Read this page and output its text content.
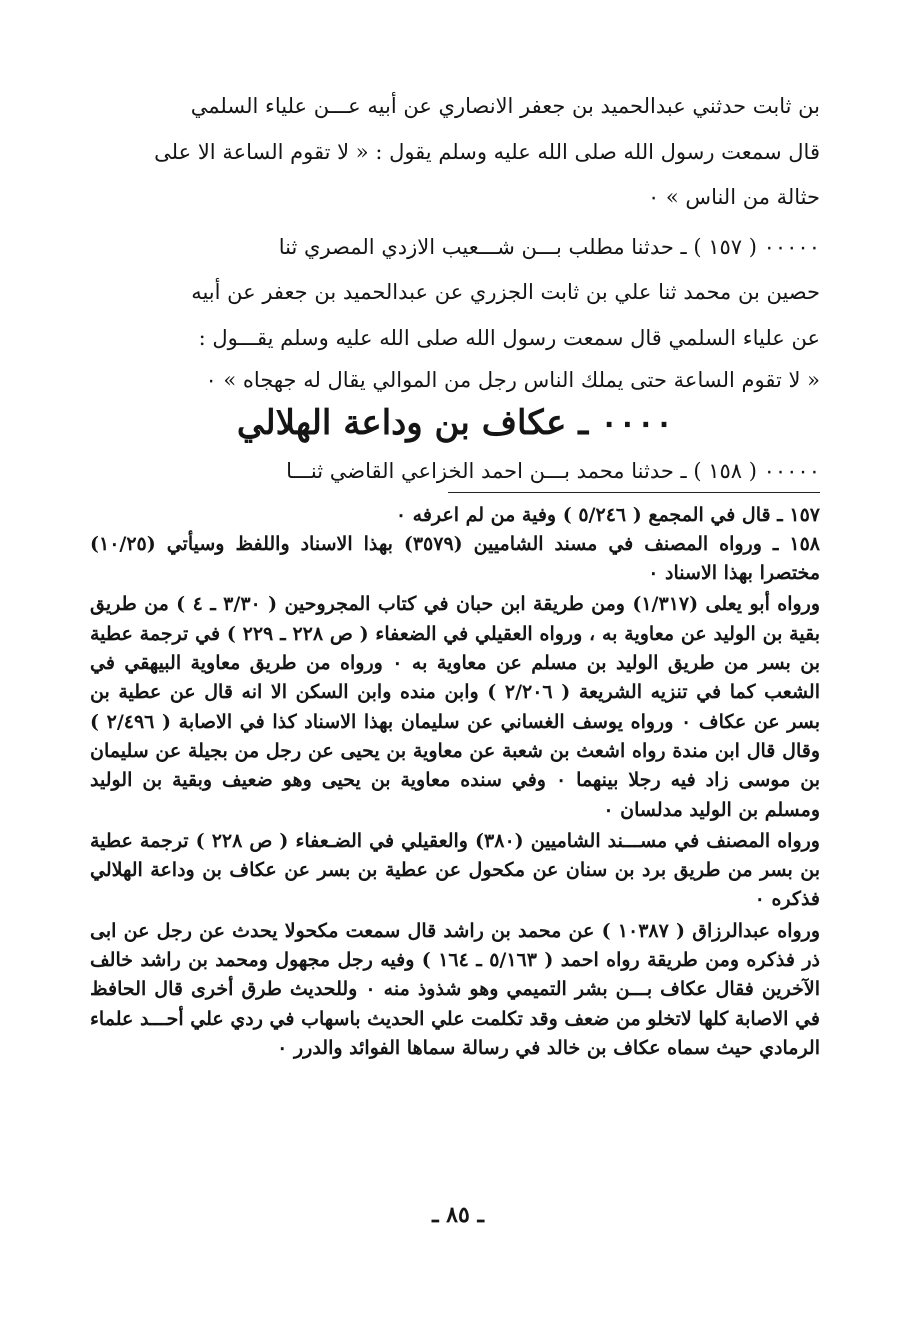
بن ثابت حدثني عبدالحميد بن جعفر الانصاري عن أبيه عـــن علياء السلمي

قال سمعت رسول الله صلى الله عليه وسلم يقول : « لا تقوم الساعة الا على

حثالة من الناس » ٠

٠٠٠٠٠ ( ١٥٧ ) ـ حدثنا مطلب بـــن شـــعيب الازدي المصري ثنا

حصين بن محمد ثنا علي بن ثابت الجزري عن عبدالحميد بن جعفر عن أبيه

عن علياء السلمي قال سمعت رسول الله صلى الله عليه وسلم يقـــول :

« لا تقوم الساعة حتى يملك الناس رجل من الموالي يقال له جهجاه » ٠

٠٠٠٠ ـ عكاف بن وداعة الهلالي

٠٠٠٠٠ ( ١٥٨ ) ـ حدثنا محمد بـــن احمد الخزاعي القاضي ثنـــا

١٥٧ ـ قال في المجمع ( ٥/٢٤٦ ) وفية من لم اعرفه ٠

١٥٨ ـ ورواه المصنف في مسند الشاميين (٣٥٧٩) بهذا الاسناد واللفظ وسيأتي (١٠/٢٥) مختصرا بهذا الاسناد ٠

ورواه أبو يعلى (١/٣١٧) ومن طريقة ابن حبان في كتاب المجروحين ( ٣/٣٠ ـ ٤ ) من طريق بقية بن الوليد عن معاوية به ، ورواه العقيلي في الضعفاء ( ص ٢٢٨ ـ ٢٢٩ ) في ترجمة عطية بن بسر من طريق الوليد بن مسلم عن معاوية به ٠ ورواه من طريق معاوية البيهقي في الشعب كما في تنزيه الشريعة ( ٢/٢٠٦ ) وابن منده وابن السكن الا انه قال عن عطية بن بسر عن عكاف ٠ ورواه يوسف الغساني عن سليمان بهذا الاسناد كذا في الاصابة ( ٢/٤٩٦ ) وقال قال ابن مندة رواه اشعث بن شعبة عن معاوية بن يحيى عن رجل من بجيلة عن سليمان بن موسى زاد فيه رجلا بينهما ٠ وفي سنده معاوية بن يحيى وهو ضعيف وبقية بن الوليد ومسلم بن الوليد مدلسان ٠

ورواه المصنف في مســـند الشاميين (٣٨٠) والعقيلي في الضـعفاء ( ص ٢٢٨ ) ترجمة عطية بن بسر من طريق برد بن سنان عن مكحول عن عطية بن بسر عن عكاف بن وداعة الهلالي فذكره ٠

ورواه عبدالرزاق ( ١٠٣٨٧ ) عن محمد بن راشد قال سمعت مكحولا يحدث عن رجل عن ابى ذر فذكره ومن طريقة رواه احمد ( ٥/١٦٣ ـ ١٦٤ ) وفيه رجل مجهول ومحمد بن راشد خالف الآخرين فقال عكاف بـــن بشر التميمي وهو شذوذ منه ٠ وللحديث طرق أخرى قال الحافظ في الاصابة كلها لاتخلو من ضعف وقد تكلمت علي الحديث باسهاب في ردي علي أحـــد علماء الرمادي حيث سماه عكاف بن خالد في رسالة سماها الفوائد والدرر ٠

ـ ٨٥ ـ
